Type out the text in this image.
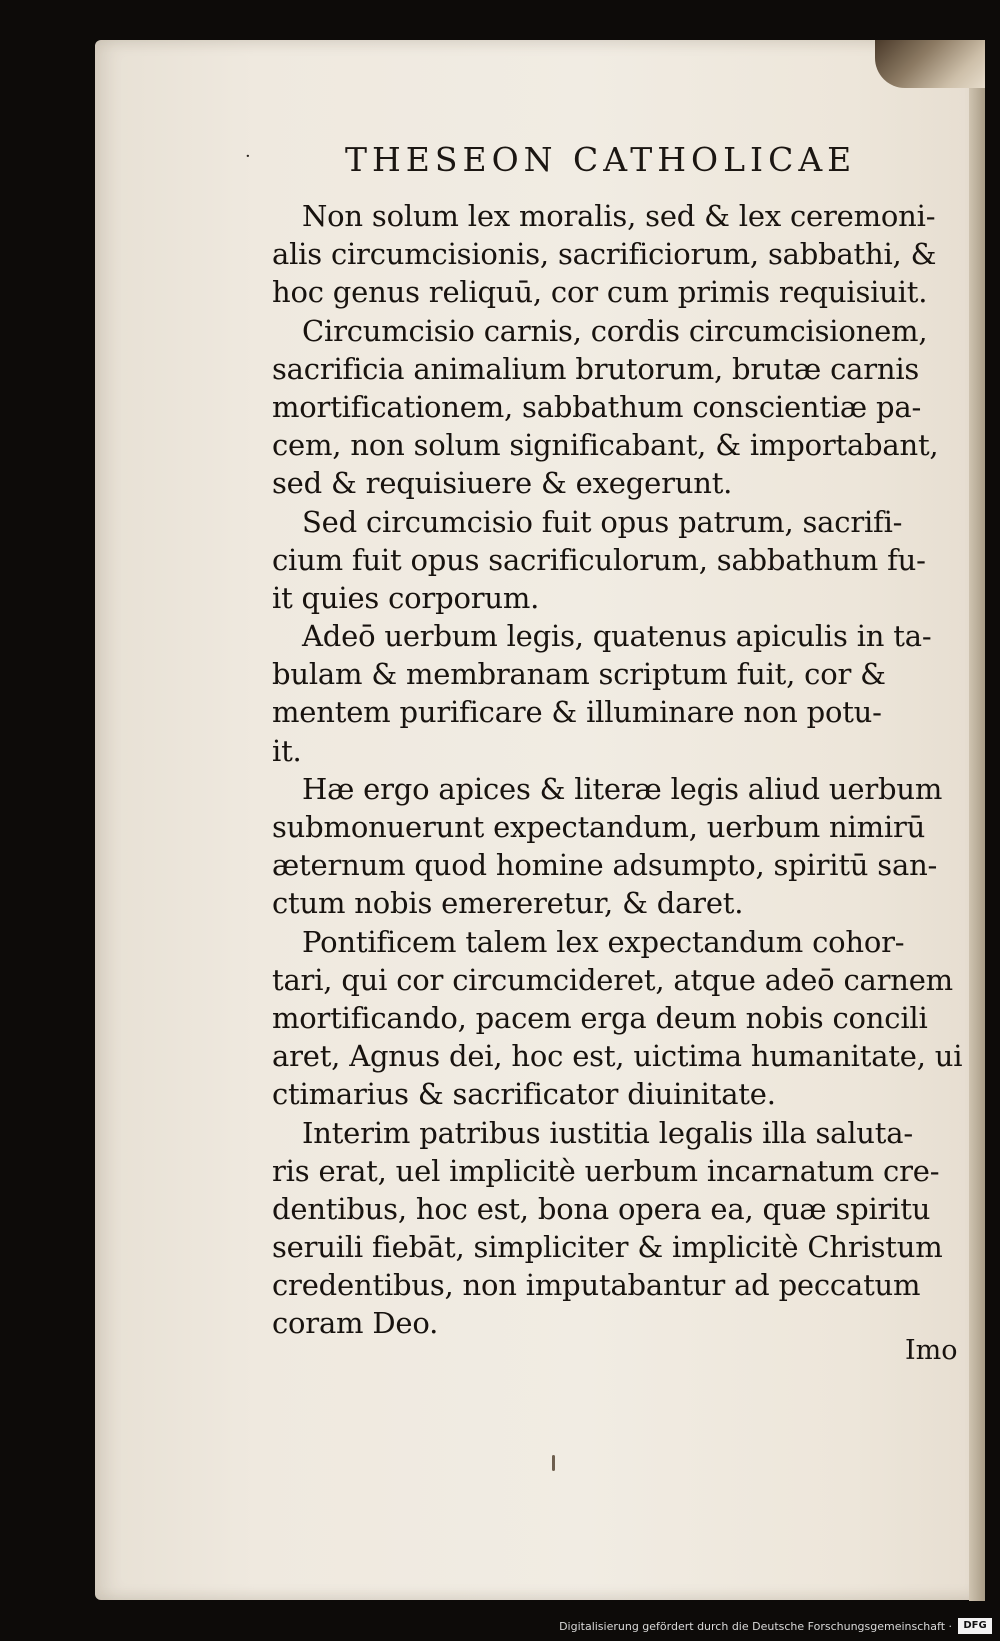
·	THESEON CATHOLICAE
Non solum lex moralis, sed & lex ceremoni-
alis circumcisionis, sacrificiorum, sabbathi, &
hoc genus reliquū, cor cum primis requisiuit.
Circumcisio carnis, cordis circumcisionem,
sacrificia animalium brutorum, brutæ carnis
mortificationem, sabbathum conscientiæ pa-
cem, non solum significabant, & importabant,
sed & requisiuere & exegerunt.
Sed circumcisio fuit opus patrum, sacrifi-
cium fuit opus sacrificulorum, sabbathum fu-
it quies corporum.
Adeō uerbum legis, quatenus apiculis in ta-
bulam & membranam scriptum fuit, cor &
mentem purificare & illuminare non potu-
it.
Hæ ergo apices & literæ legis aliud uerbum
submonuerunt expectandum, uerbum nimirū
æternum quod homine adsumpto, spiritū san-
ctum nobis emereretur, & daret.
Pontificem talem lex expectandum cohor-
tari, qui cor circumcideret, atque adeō carnem
mortificando, pacem erga deum nobis concili
aret, Agnus dei, hoc est, uictima humanitate, ui
ctimarius & sacrificator diuinitate.
Interim patribus iustitia legalis illa saluta-
ris erat, uel implicitè uerbum incarnatum cre-
dentibus, hoc est, bona opera ea, quæ spiritu
seruili fiebāt, simpliciter & implicitè Christum
credentibus, non imputabantur ad peccatum
coram Deo.
Imo
Digitalisierung gefördert durch die Deutsche Forschungsgemeinschaft ·	DFG
